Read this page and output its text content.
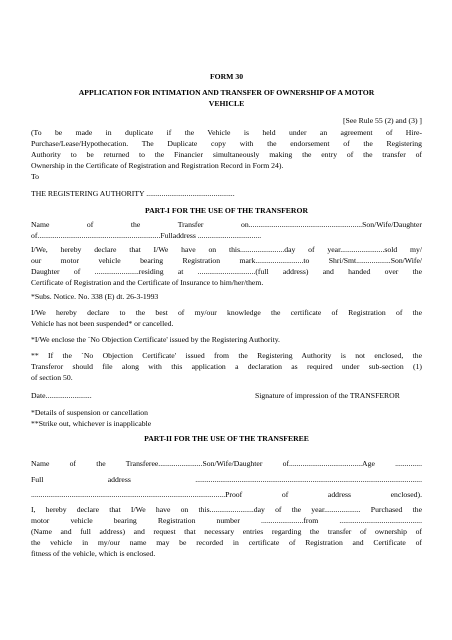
FORM 30
APPLICATION FOR INTIMATION AND TRANSFER OF OWNERSHIP OF A MOTOR
VEHICLE
[See Rule 55 (2) and (3) ]
(To be made in duplicate if the Vehicle is held under an agreement of Hire-
Purchase/Lease/Hypothecation. The Duplicate copy with the endorsement of the Registering
Authority to be returned to the Financier simultaneously making the entry of the transfer of
Ownership in the Certificate of Registration and Registration Record in Form 24).
To
THE REGISTERING AUTHORITY ..............................................
PART-I FOR THE USE OF THE TRANSFEROR
Name of the Transfer on...........................................................Son/Wife/Daughter
of................................................................Fulladdress .................................
I/We, hereby declare that I/We have on this.......................day of year.......................sold my/
our motor vehicle bearing Registration mark.........................to Shri/Smt..................Son/Wife/
Daughter of .......................residing at ..............................(full address) and handed over the
Certificate of Registration and the Certificate of Insurance to him/her/them.
*Subs. Notice. No. 338 (E) dt. 26-3-1993
I/We hereby declare to the best of my/our knowledge the certificate of Registration of the
Vehicle has not been suspended* or cancelled.
*I/We enclose the `No Objection Certificate' issued by the Registering Authority.
** If the `No Objection Certificate' issued from the Registering Authority is not enclosed, the
Transferor should file along with this application a declaration as required under sub-section (1)
of section 50.
Date........................	Signature of impression of the TRANSFEROR
*Details of suspension or cancellation
**Strike out, whichever is inapplicable
PART-II FOR THE USE OF THE TRANSFEREE
Name of the Transferee.......................Son/Wife/Daughter of......................................Age ..............
Full address ......................................................................................................................
.....................................................................................................Proof of address enclosed).
I, hereby declare that I/We have on this.......................day of the year................... Purchased the
motor vehicle bearing Registration number ......................from ...........................................
(Name and full address) and request that necessary entries regarding the transfer of ownership of
the vehicle in my/our name may be recorded in certificate of Registration and Certificate of
fitness of the vehicle, which is enclosed.
